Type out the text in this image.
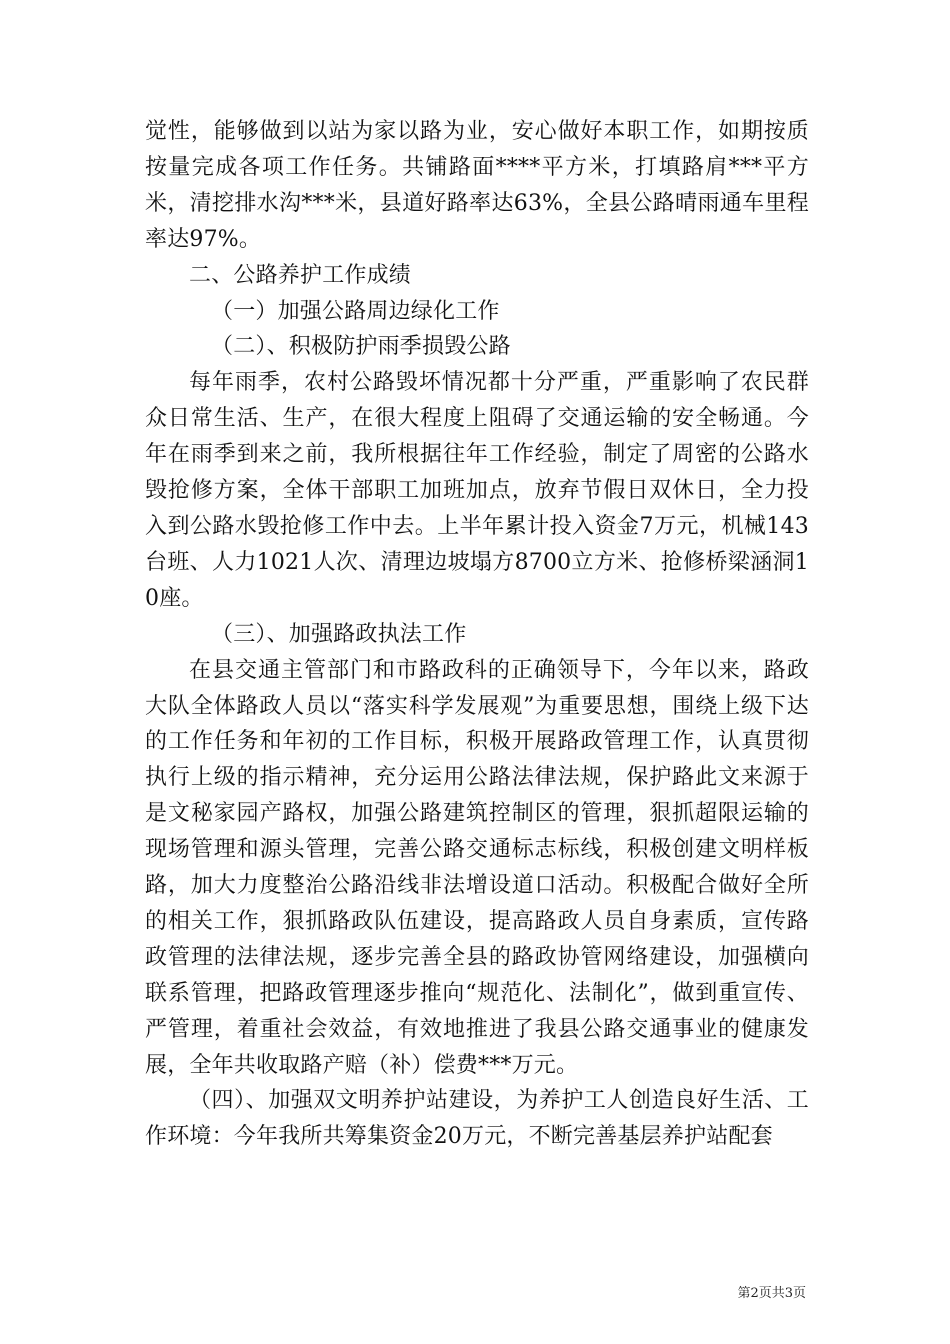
觉性，能够做到以站为家以路为业，安心做好本职工作，如期按质按量完成各项工作任务。共铺路面****平方米，打填路肩***平方米，清挖排水沟***米，县道好路率达63%，全县公路晴雨通车里程率达97%。

二、公路养护工作成绩

（一）加强公路周边绿化工作

（二）、积极防护雨季损毁公路

每年雨季，农村公路毁坏情况都十分严重，严重影响了农民群众日常生活、生产，在很大程度上阻碍了交通运输的安全畅通。今年在雨季到来之前，我所根据往年工作经验，制定了周密的公路水毁抢修方案，全体干部职工加班加点，放弃节假日双休日，全力投入到公路水毁抢修工作中去。上半年累计投入资金7万元，机械143台班、人力1021人次、清理边坡塌方8700立方米、抢修桥梁涵洞10座。

（三）、加强路政执法工作

在县交通主管部门和市路政科的正确领导下，今年以来，路政大队全体路政人员以“落实科学发展观”为重要思想，围绕上级下达的工作任务和年初的工作目标，积极开展路政管理工作，认真贯彻执行上级的指示精神，充分运用公路法律法规，保护路此文来源于是文秘家园产路权，加强公路建筑控制区的管理，狠抓超限运输的现场管理和源头管理，完善公路交通标志标线，积极创建文明样板路，加大力度整治公路沿线非法增设道口活动。积极配合做好全所的相关工作，狠抓路政队伍建设，提高路政人员自身素质，宣传路政管理的法律法规，逐步完善全县的路政协管网络建设，加强横向联系管理，把路政管理逐步推向“规范化、法制化”，做到重宣传、严管理，着重社会效益，有效地推进了我县公路交通事业的健康发展，全年共收取路产赔（补）偿费***万元。

（四）、加强双文明养护站建设，为养护工人创造良好生活、工作环境：今年我所共筹集资金20万元，不断完善基层养护站配套

第2页共3页
